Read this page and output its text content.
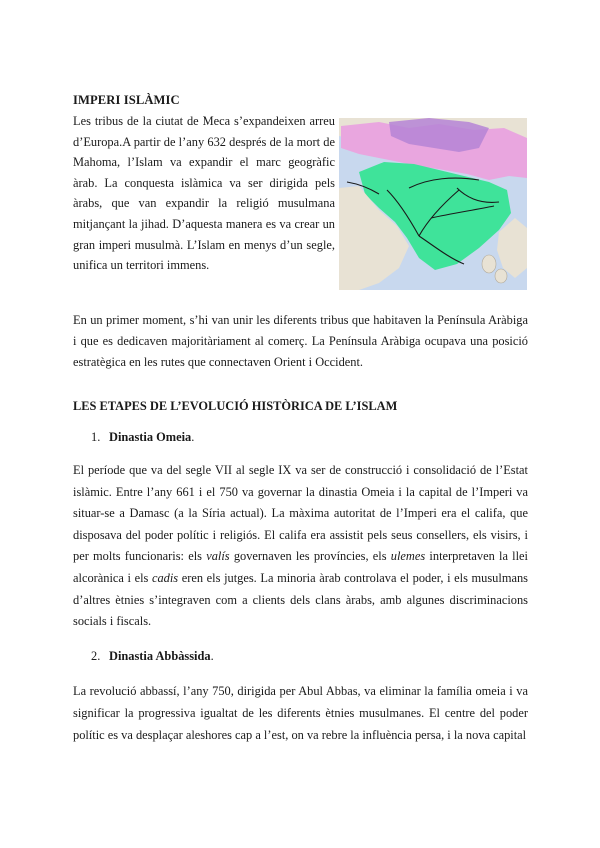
IMPERI ISLÀMIC

Les tribus de la ciutat de Meca s’expandeixen arreu d’Europa.A partir de l’any 632 després de la mort de Mahoma, l’Islam va expandir el marc geogràfic àrab. La conquesta islàmica va ser dirigida pels àrabs, que van expandir la religió musulmana mitjançant la jihad. D’aquesta manera es va crear un gran imperi musulmà. L’Islam en menys d’un segle, unifica un territori immens.

En un primer moment, s’hi van unir les diferents tribus que habitaven la Península Aràbiga i que es dedicaven majoritàriament al comerç. La Península Aràbiga ocupava una posició estratègica en les rutes que connectaven Orient i Occident.

LES ETAPES DE L’EVOLUCIÓ HISTÒRICA DE L’ISLAM
1. Dinastia Omeia.

El període que va del segle VII al segle IX va ser de construcció i consolidació de l’Estat islàmic. Entre l’any 661 i el 750 va governar la dinastia Omeia i la capital de l’Imperi va situar-se a Damasc (a la Síria actual). La màxima autoritat de l’Imperi era el califa, que disposava del poder polític i religiós. El califa era assistit pels seus consellers, els visirs, i per molts funcionaris: els valís governaven les províncies, els ulemes interpretaven la llei alcorànica i els cadis eren els jutges. La minoria àrab controlava el poder, i els musulmans d’altres ètnies s’integraven com a clients dels clans àrabs, amb algunes discriminacions socials i fiscals.

2. Dinastia Abbàssida.

La revolució abbassí, l’any 750, dirigida per Abul Abbas, va eliminar la família omeia i va significar la progressiva igualtat de les diferents ètnies musulmanes. El centre del poder polític es va desplaçar aleshores cap a l’est, on va rebre la influència persa, i la nova capital
